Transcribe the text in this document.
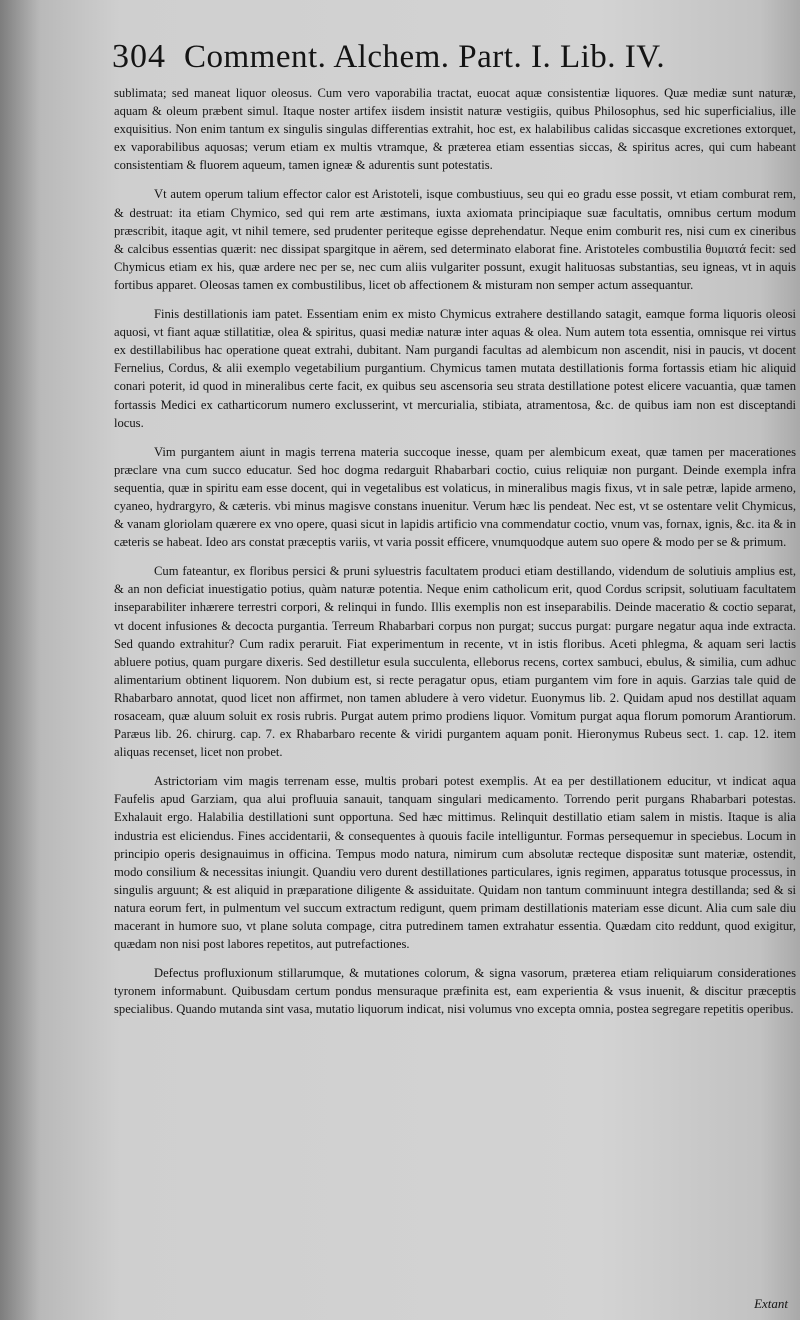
304 Comment. Alchem. Part. I. Lib. IV.

sublimata; sed maneat liquor oleosus. Cum vero vaporabilia tractat, euocat aquæ consistentiæ liquores. Quæ mediæ sunt naturæ, aquam & oleum præbent simul. Itaque noster artifex iisdem insistit naturæ vestigiis, quibus Philosophus, sed hic superficialius, ille exquisitius. Non enim tantum ex singulis singulas differentias extrahit, hoc est, ex halabilibus calidas siccasque excretiones extorquet, ex vaporabilibus aquosas; verum etiam ex multis vtramque, & præterea etiam essentias siccas, & spiritus acres, qui cum habeant consistentiam & fluorem aqueum, tamen igneæ & adurentis sunt potestatis.

Vt autem operum talium effector calor est Aristoteli, isque combustiuus, seu qui eo gradu esse possit, vt etiam comburat rem, & destruat: ita etiam Chymico, sed qui rem arte æstimans, iuxta axiomata principiaque suæ facultatis, omnibus certum modum præscribit, itaque agit, vt nihil temere, sed prudenter periteque egisse deprehendatur. Neque enim comburit res, nisi cum ex cineribus & calcibus essentias quærit: nec dissipat spargitque in aërem, sed determinato elaborat fine. Aristoteles combustilia θυμιατά fecit: sed Chymicus etiam ex his, quæ ardere nec per se, nec cum aliis vulgariter possunt, exugit halituosas substantias, seu igneas, vt in aquis fortibus apparet. Oleosas tamen ex combustilibus, licet ob affectionem & misturam non semper actum assequantur.

Finis destillationis iam patet. Essentiam enim ex misto Chymicus extrahere destillando satagit, eamque forma liquoris oleosi aquosi, vt fiant aquæ stillatitiæ, olea & spiritus, quasi mediæ naturæ inter aquas & olea. Num autem tota essentia, omnisque rei virtus ex destillabilibus hac operatione queat extrahi, dubitant. Nam purgandi facultas ad alembicum non ascendit, nisi in paucis, vt docent Fernelius, Cordus, & alii exemplo vegetabilium purgantium. Chymicus tamen mutata destillationis forma fortassis etiam hic aliquid conari poterit, id quod in mineralibus certe facit, ex quibus seu ascensoria seu strata destillatione potest elicere vacuantia, quæ tamen fortassis Medici ex catharticorum numero exclusserint, vt mercurialia, stibiata, atramentosa, &c. de quibus iam non est disceptandi locus.

Vim purgantem aiunt in magis terrena materia succoque inesse, quam per alembicum exeat, quæ tamen per macerationes præclare vna cum succo educatur. Sed hoc dogma redarguit Rhabarbari coctio, cuius reliquiæ non purgant. Deinde exempla infra sequentia, quæ in spiritu eam esse docent, qui in vegetalibus est volaticus, in mineralibus magis fixus, vt in sale petræ, lapide armeno, cyaneo, hydrargyro, & cæteris. vbi minus magisve constans inuenitur. Verum hæc lis pendeat. Nec est, vt se ostentare velit Chymicus, & vanam gloriolam quærere ex vno opere, quasi sicut in lapidis artificio vna commendatur coctio, vnum vas, fornax, ignis, &c. ita & in cæteris se habeat. Ideo ars constat præceptis variis, vt varia possit efficere, vnumquodque autem suo opere & modo per se & primum.

Cum fateantur, ex floribus persici & pruni syluestris facultatem produci etiam destillando, videndum de solutiuis amplius est, & an non deficiat inuestigatio potius, quàm naturæ potentia. Neque enim catholicum erit, quod Cordus scripsit, solutiuam facultatem inseparabiliter inhærere terrestri corpori, & relinqui in fundo. Illis exemplis non est inseparabilis. Deinde maceratio & coctio separat, vt docent infusiones & decocta purgantia. Terreum Rhabarbari corpus non purgat; succus purgat: purgare negatur aqua inde extracta. Sed quando extrahitur? Cum radix peraruit. Fiat experimentum in recente, vt in istis floribus. Aceti phlegma, & aquam seri lactis abluere potius, quam purgare dixeris. Sed destilletur esula succulenta, elleborus recens, cortex sambuci, ebulus, & similia, cum adhuc alimentarium obtinent liquorem. Non dubium est, si recte peragatur opus, etiam purgantem vim fore in aquis. Garzias tale quid de Rhabarbaro annotat, quod licet non affirmet, non tamen abludere à vero videtur. Euonymus lib. 2. Quidam apud nos destillat aquam rosaceam, quæ aluum soluit ex rosis rubris. Purgat autem primo prodiens liquor. Vomitum purgat aqua florum pomorum Arantiorum. Paræus lib. 26. chirurg. cap. 7. ex Rhabarbaro recente & viridi purgantem aquam ponit. Hieronymus Rubeus sect. 1. cap. 12. item aliquas recenset, licet non probet.

Astrictoriam vim magis terrenam esse, multis probari potest exemplis. At ea per destillationem educitur, vt indicat aqua Faufelis apud Garziam, qua alui profluuia sanauit, tanquam singulari medicamento. Torrendo perit purgans Rhabarbari potestas. Exhalauit ergo. Halabilia destillationi sunt opportuna. Sed hæc mittimus. Relinquit destillatio etiam salem in mistis. Itaque is alia industria est eliciendus. Fines accidentarii, & consequentes à quouis facile intelliguntur. Formas persequemur in speciebus. Locum in principio operis designauimus in officina. Tempus modo natura, nimirum cum absolutæ recteque dispositæ sunt materiæ, ostendit, modo consilium & necessitas iniungit. Quandiu vero durent destillationes particulares, ignis regimen, apparatus totusque processus, in singulis arguunt; & est aliquid in præparatione diligente & assiduitate. Quidam non tantum comminuunt integra destillanda; sed & si natura eorum fert, in pulmentum vel succum extractum redigunt, quem primam destillationis materiam esse dicunt. Alia cum sale diu macerant in humore suo, vt plane soluta compage, citra putredinem tamen extrahatur essentia. Quædam cito reddunt, quod exigitur, quædam non nisi post labores repetitos, aut putrefactiones.

Defectus profluxionum stillarumque, & mutationes colorum, & signa vasorum, præterea etiam reliquiarum considerationes tyronem informabunt. Quibusdam certum pondus mensuraque præfinita est, eam experientia & vsus inuenit, & discitur præceptis specialibus. Quando mutanda sint vasa, mutatio liquorum indicat, nisi volumus vno excepta omnia, postea segregare repetitis operibus.

Extant
